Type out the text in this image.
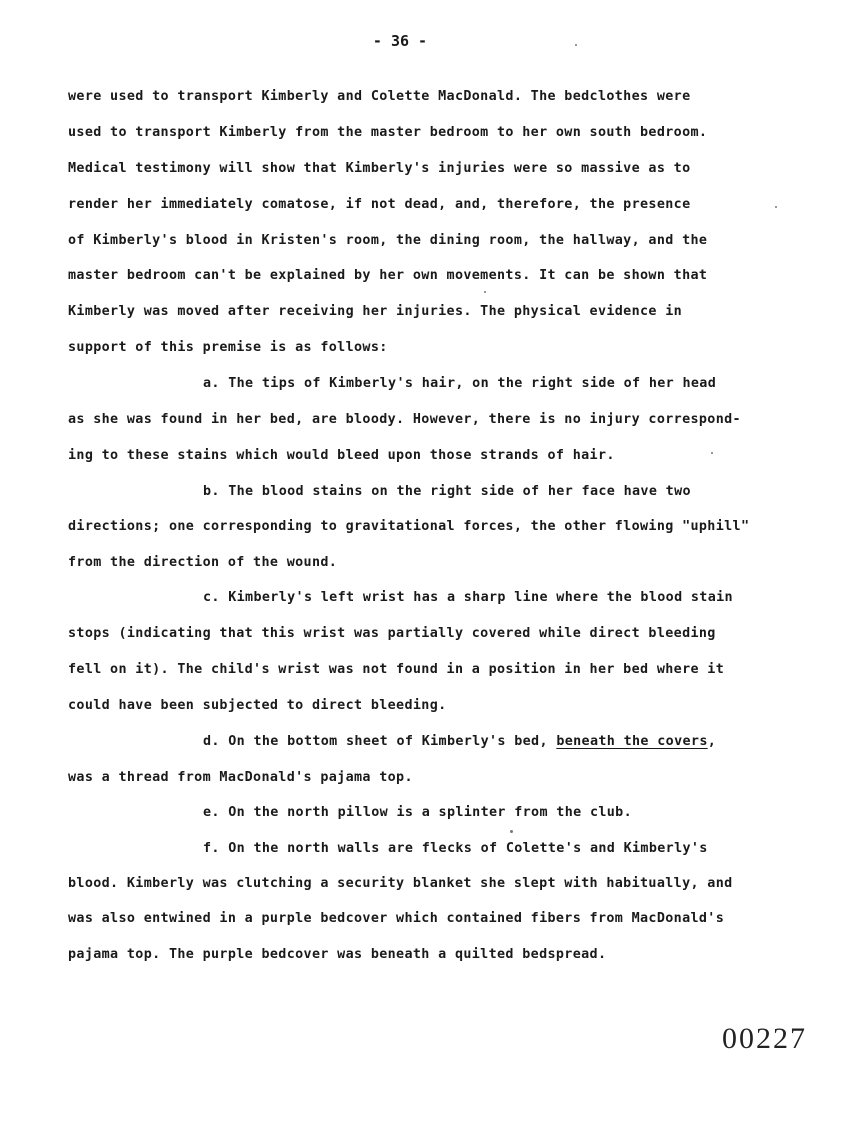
- 36 -
were used to transport Kimberly and Colette MacDonald. The bedclothes were
used to transport Kimberly from the master bedroom to her own south bedroom.
Medical testimony will show that Kimberly's injuries were so massive as to
render her immediately comatose, if not dead, and, therefore, the presence
of Kimberly's blood in Kristen's room, the dining room, the hallway, and the
master bedroom can't be explained by her own movements. It can be shown that
Kimberly was moved after receiving her injuries. The physical evidence in
support of this premise is as follows:
a. The tips of Kimberly's hair, on the right side of her head
as she was found in her bed, are bloody. However, there is no injury correspond-
ing to these stains which would bleed upon those strands of hair.
b. The blood stains on the right side of her face have two
directions; one corresponding to gravitational forces, the other flowing "uphill"
from the direction of the wound.
c. Kimberly's left wrist has a sharp line where the blood stain
stops (indicating that this wrist was partially covered while direct bleeding
fell on it). The child's wrist was not found in a position in her bed where it
could have been subjected to direct bleeding.
d. On the bottom sheet of Kimberly's bed, beneath the covers,
was a thread from MacDonald's pajama top.
e. On the north pillow is a splinter from the club.
f. On the north walls are flecks of Colette's and Kimberly's
blood. Kimberly was clutching a security blanket she slept with habitually, and
was also entwined in a purple bedcover which contained fibers from MacDonald's
pajama top. The purple bedcover was beneath a quilted bedspread.
00227
